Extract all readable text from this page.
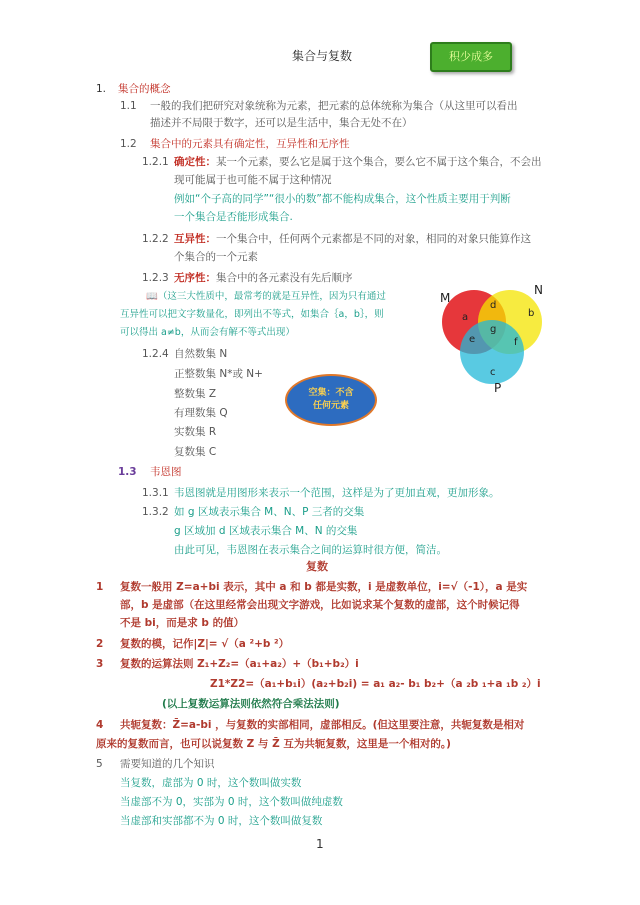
集合与复数	积少成多
1. 集合的概念
1.1 一般的我们把研究对象统称为元素，把元素的总体统称为集合（从这里可以看出
描述并不局限于数字，还可以是生活中，集合无处不在）
1.2 集合中的元素具有确定性，互异性和无序性
1.2.1 确定性：某一个元素，要么它是属于这个集合，要么它不属于这个集合，不会出
现可能属于也可能不属于这种情况
例如“个子高的同学”“很小的数”都不能构成集合，这个性质主要用于判断
一个集合是否能形成集合.
1.2.2 互异性：一个集合中，任何两个元素都是不同的对象，相同的对象只能算作这
个集合的一个元素
1.2.3 无序性：集合中的各元素没有先后顺序
📖（这三大性质中，最常考的就是互异性，因为只有通过
互异性可以把文字数量化，即列出不等式，如集合｛a，b｝，则
可以得出 a≠b，从而会有解不等式出现）
1.2.4 自然数集 N
正整数集 N*或 N+
整数集 Z
有理数集 Q
实数集 R
复数集 C
空集：不含
任何元素
M
N
P
a	b
c
d
e	f
g
1.3 韦恩图
1.3.1 韦恩图就是用图形来表示一个范围，这样是为了更加直观，更加形象。
1.3.2 如 g 区域表示集合 M、N、P 三者的交集
g 区域加 d 区域表示集合 M、N 的交集
由此可见，韦恩图在表示集合之间的运算时很方便，简洁。
复数
1 复数一般用 Z=a+bi 表示，其中 a 和 b 都是实数，i 是虚数单位，i=√（-1），a 是实
部，b 是虚部（在这里经常会出现文字游戏，比如说求某个复数的虚部，这个时候记得
不是 bi，而是求 b 的值）
2 复数的模，记作|Z|= √（a ²+b ²）
3 复数的运算法则 Z₁+Z₂=（a₁+a₂）+（b₁+b₂）i
Z1*Z2=（a₁+b₁i）(a₂+b₂i) = a₁ a₂- b₁ b₂+（a ₂b ₁+a ₁b ₂）i
(以上复数运算法则依然符合乘法法则)
4 共轭复数：Z̄=a-bi ，与复数的实部相同，虚部相反。(但这里要注意，共轭复数是相对
原来的复数而言，也可以说复数 Z 与 Z̄ 互为共轭复数，这里是一个相对的。)
5 需要知道的几个知识
当复数，虚部为 0 时，这个数叫做实数
当虚部不为 0，实部为 0 时，这个数叫做纯虚数
当虚部和实部都不为 0 时，这个数叫做复数
1
